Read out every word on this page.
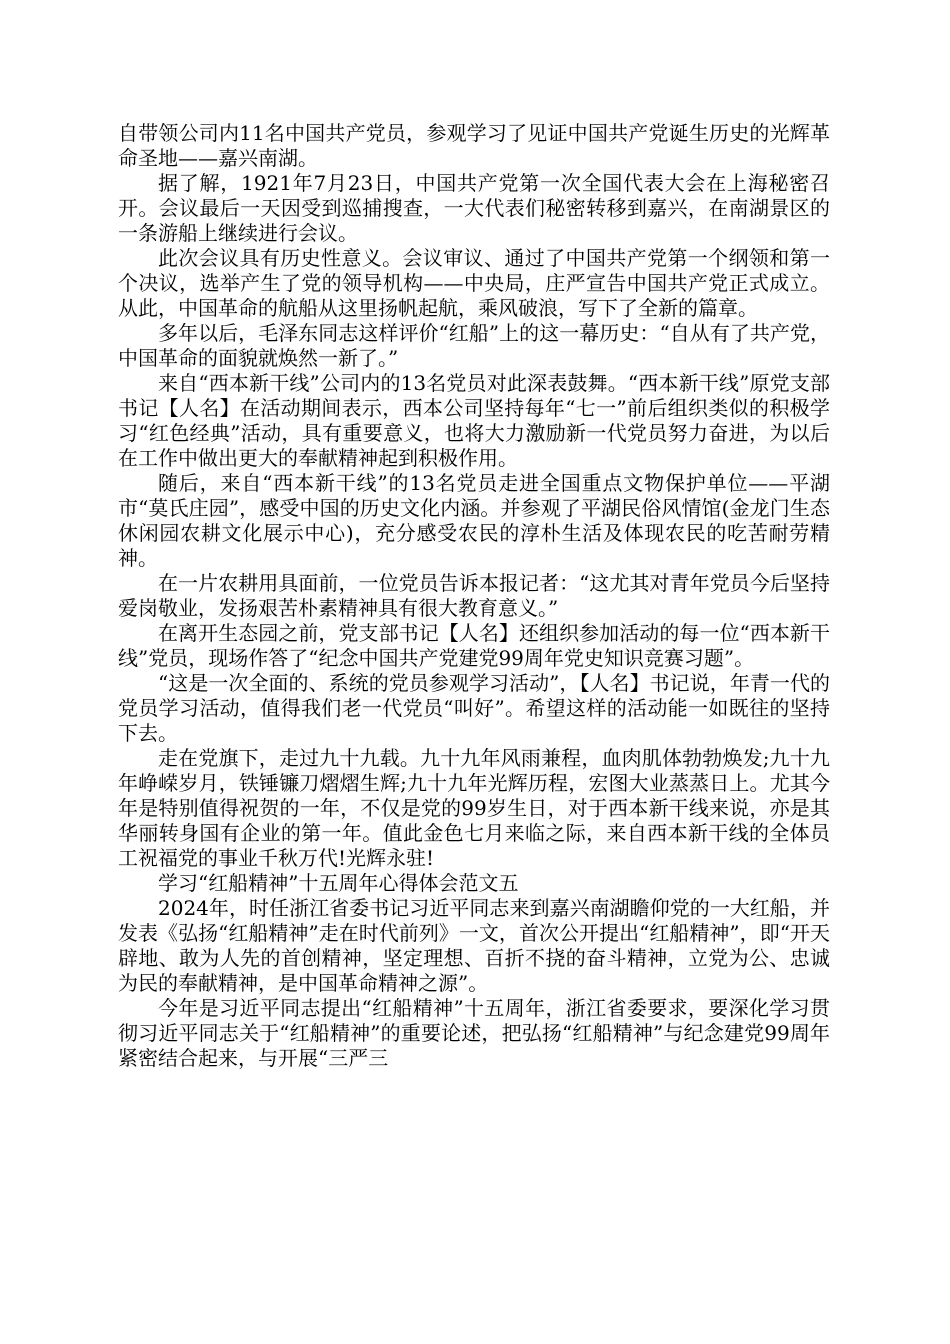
自带领公司内11名中国共产党员，参观学习了见证中国共产党诞生历史的光辉革命圣地——嘉兴南湖。

据了解，1921年7月23日，中国共产党第一次全国代表大会在上海秘密召开。会议最后一天因受到巡捕搜查，一大代表们秘密转移到嘉兴，在南湖景区的一条游船上继续进行会议。

此次会议具有历史性意义。会议审议、通过了中国共产党第一个纲领和第一个决议，选举产生了党的领导机构——中央局，庄严宣告中国共产党正式成立。从此，中国革命的航船从这里扬帆起航，乘风破浪，写下了全新的篇章。

多年以后，毛泽东同志这样评价“红船”上的这一幕历史：“自从有了共产党，中国革命的面貌就焕然一新了。”

来自“西本新干线”公司内的13名党员对此深表鼓舞。“西本新干线”原党支部书记【人名】在活动期间表示，西本公司坚持每年“七一”前后组织类似的积极学习“红色经典”活动，具有重要意义，也将大力激励新一代党员努力奋进，为以后在工作中做出更大的奉献精神起到积极作用。

随后，来自“西本新干线”的13名党员走进全国重点文物保护单位——平湖市“莫氏庄园”，感受中国的历史文化内涵。并参观了平湖民俗风情馆(金龙门生态休闲园农耕文化展示中心)，充分感受农民的淳朴生活及体现农民的吃苦耐劳精神。

在一片农耕用具面前，一位党员告诉本报记者：“这尤其对青年党员今后坚持爱岗敬业，发扬艰苦朴素精神具有很大教育意义。”

在离开生态园之前，党支部书记【人名】还组织参加活动的每一位“西本新干线”党员，现场作答了“纪念中国共产党建党99周年党史知识竞赛习题”。

“这是一次全面的、系统的党员参观学习活动”，【人名】书记说，年青一代的党员学习活动，值得我们老一代党员“叫好”。希望这样的活动能一如既往的坚持下去。

走在党旗下，走过九十九载。九十九年风雨兼程，血肉肌体勃勃焕发;九十九年峥嵘岁月，铁锤镰刀熠熠生辉;九十九年光辉历程，宏图大业蒸蒸日上。尤其今年是特别值得祝贺的一年，不仅是党的99岁生日，对于西本新干线来说，亦是其华丽转身国有企业的第一年。值此金色七月来临之际，来自西本新干线的全体员工祝福党的事业千秋万代!光辉永驻!

学习“红船精神”十五周年心得体会范文五

2024年，时任浙江省委书记习近平同志来到嘉兴南湖瞻仰党的一大红船，并发表《弘扬“红船精神”走在时代前列》一文，首次公开提出“红船精神”，即“开天辟地、敢为人先的首创精神，坚定理想、百折不挠的奋斗精神，立党为公、忠诚为民的奉献精神，是中国革命精神之源”。

今年是习近平同志提出“红船精神”十五周年，浙江省委要求，要深化学习贯彻习近平同志关于“红船精神”的重要论述，把弘扬“红船精神”与纪念建党99周年紧密结合起来，与开展“三严三
